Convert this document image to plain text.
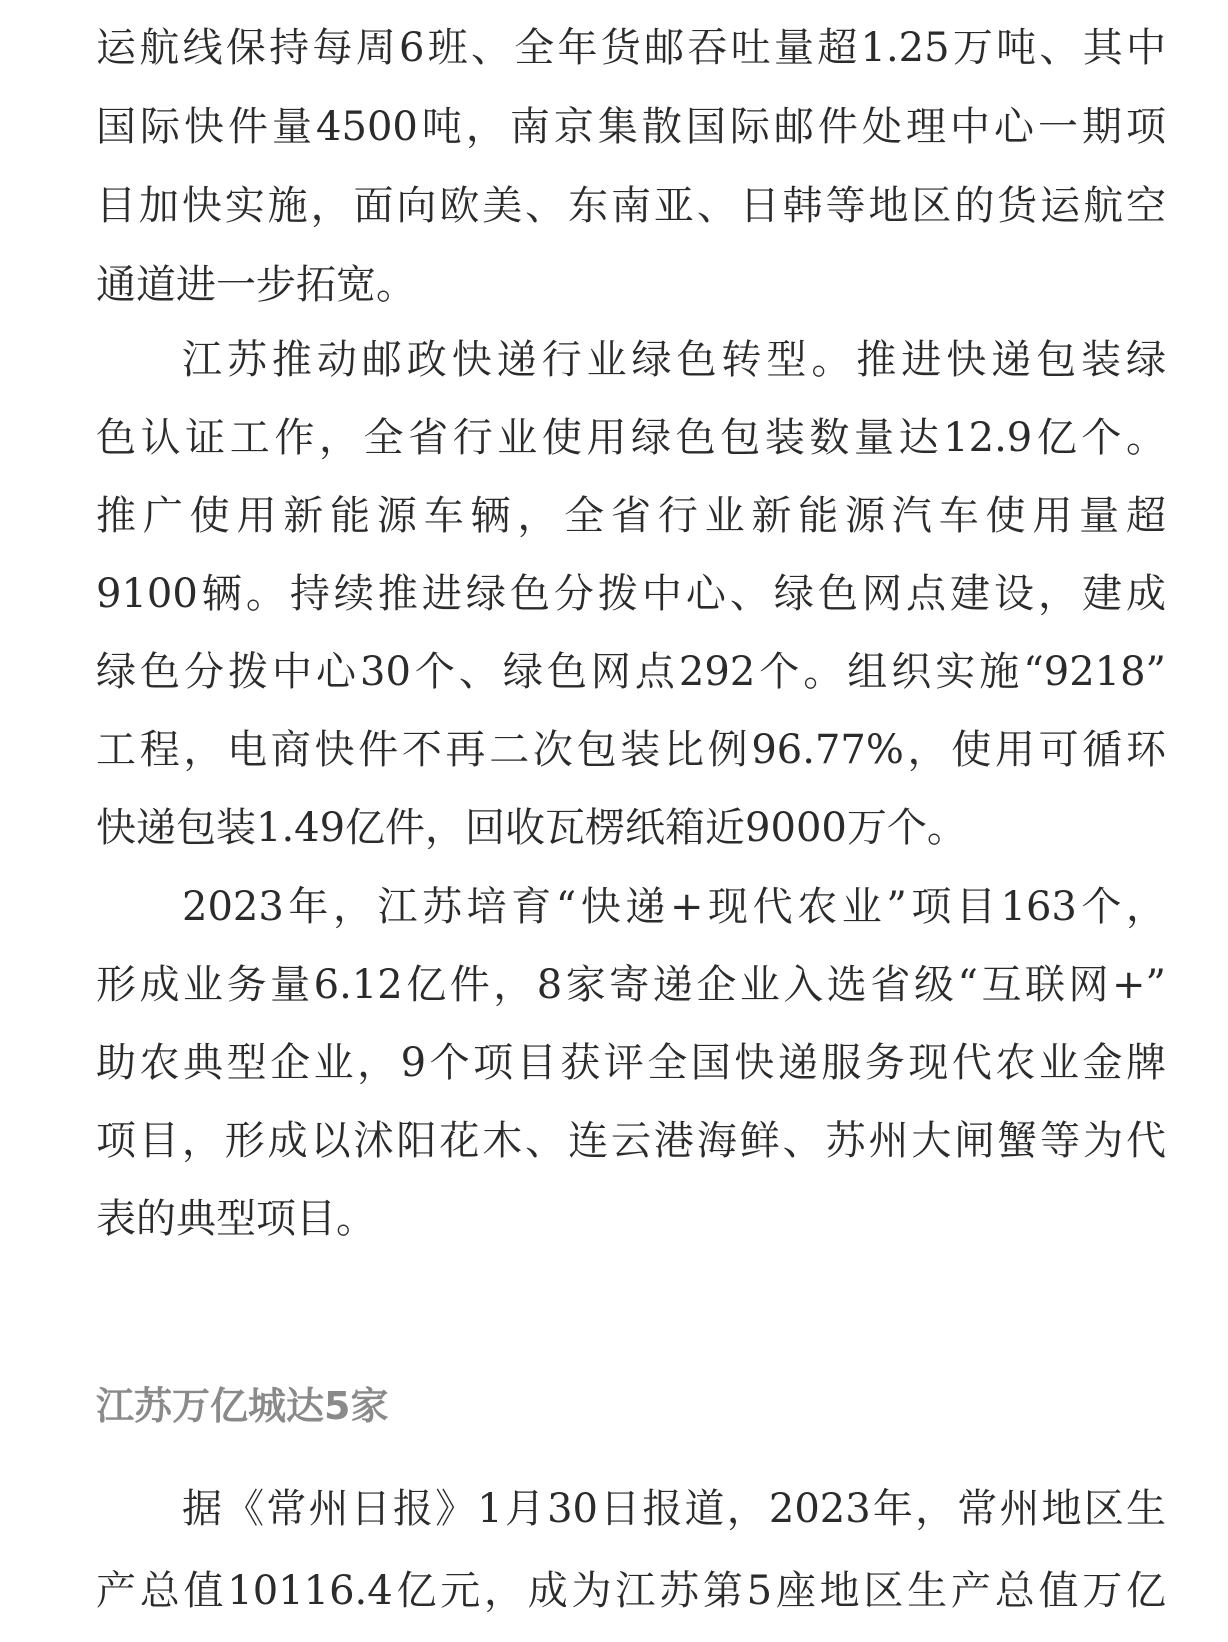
运航线保持每周6班、全年货邮吞吐量超1.25万吨、其中
国际快件量4500吨，南京集散国际邮件处理中心一期项
目加快实施，面向欧美、东南亚、日韩等地区的货运航空
通道进一步拓宽。
江苏推动邮政快递行业绿色转型。推进快递包装绿
色认证工作，全省行业使用绿色包装数量达12.9亿个。
推广使用新能源车辆，全省行业新能源汽车使用量超
9100辆。持续推进绿色分拨中心、绿色网点建设，建成
绿色分拨中心30个、绿色网点292个。组织实施“9218”
工程，电商快件不再二次包装比例96.77%，使用可循环
快递包装1.49亿件，回收瓦楞纸箱近9000万个。
2023年，江苏培育“快递+现代农业”项目163个，
形成业务量6.12亿件，8家寄递企业入选省级“互联网+”
助农典型企业，9个项目获评全国快递服务现代农业金牌
项目，形成以沭阳花木、连云港海鲜、苏州大闸蟹等为代
表的典型项目。
江苏万亿城达5家
据《常州日报》1月30日报道，2023年，常州地区生
产总值10116.4亿元，成为江苏第5座地区生产总值万亿
